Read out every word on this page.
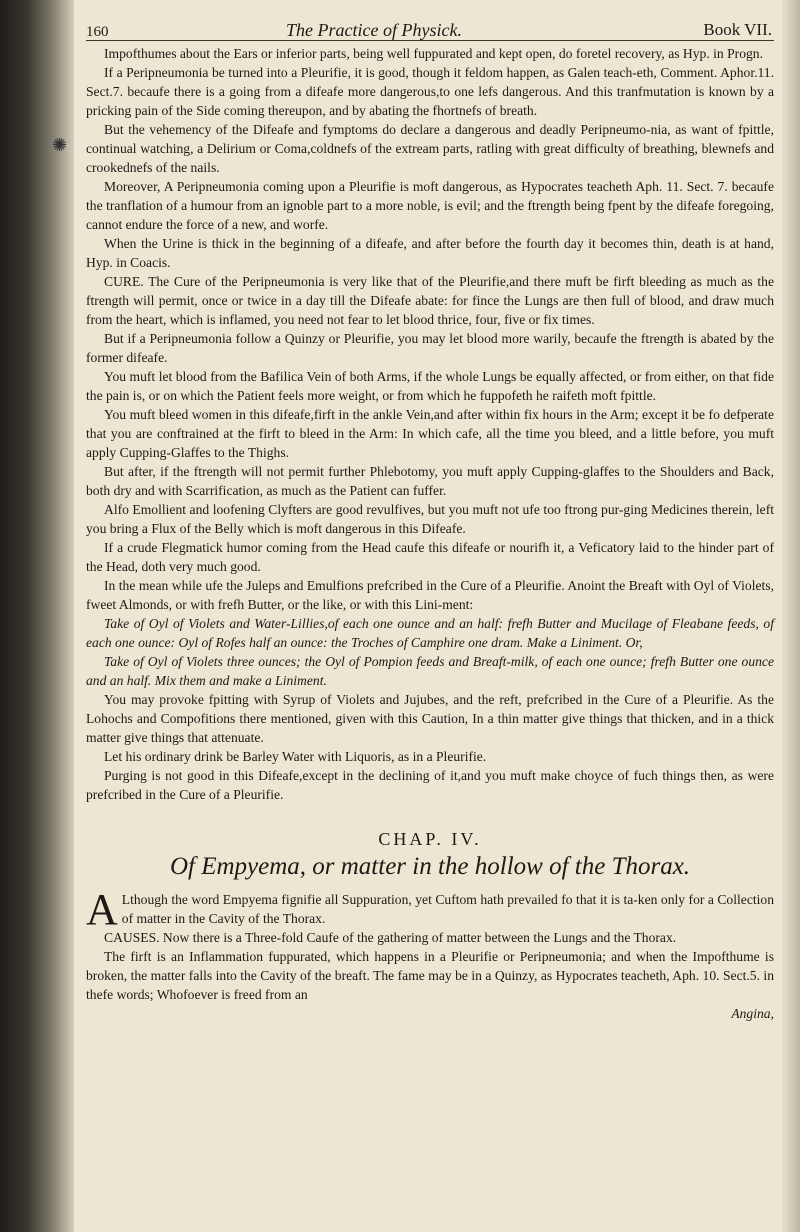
✺
160	The Practice of Physick.	Book VII.

Impofthumes about the Ears or inferior parts, being well fuppurated and kept open, do foretel recovery, as Hyp. in Progn.

If a Peripneumonia be turned into a Pleurifie, it is good, though it feldom happen, as Galen teach-eth, Comment. Aphor.11. Sect.7. becaufe there is a going from a difeafe more dangerous,to one lefs dangerous. And this tranfmutation is known by a pricking pain of the Side coming thereupon, and by abating the fhortnefs of breath.

But the vehemency of the Difeafe and fymptoms do declare a dangerous and deadly Peripneumo-nia, as want of fpittle, continual watching, a Delirium or Coma,coldnefs of the extream parts, ratling with great difficulty of breathing, blewnefs and crookednefs of the nails.

Moreover, A Peripneumonia coming upon a Pleurifie is moft dangerous, as Hypocrates teacheth Aph. 11. Sect. 7. becaufe the tranflation of a humour from an ignoble part to a more noble, is evil; and the ftrength being fpent by the difeafe foregoing, cannot endure the force of a new, and worfe.

When the Urine is thick in the beginning of a difeafe, and after before the fourth day it becomes thin, death is at hand, Hyp. in Coacis.

CURE. The Cure of the Peripneumonia is very like that of the Pleurifie,and there muft be firft bleeding as much as the ftrength will permit, once or twice in a day till the Difeafe abate: for fince the Lungs are then full of blood, and draw much from the heart, which is inflamed, you need not fear to let blood thrice, four, five or fix times.

But if a Peripneumonia follow a Quinzy or Pleurifie, you may let blood more warily, becaufe the ftrength is abated by the former difeafe.

You muft let blood from the Bafilica Vein of both Arms, if the whole Lungs be equally affected, or from either, on that fide the pain is, or on which the Patient feels more weight, or from which he fuppofeth he raifeth moft fpittle.

You muft bleed women in this difeafe,firft in the ankle Vein,and after within fix hours in the Arm; except it be fo defperate that you are conftrained at the firft to bleed in the Arm: In which cafe, all the time you bleed, and a little before, you muft apply Cupping-Glaffes to the Thighs.

But after, if the ftrength will not permit further Phlebotomy, you muft apply Cupping-glaffes to the Shoulders and Back, both dry and with Scarrification, as much as the Patient can fuffer.

Alfo Emollient and loofening Clyfters are good revulfives, but you muft not ufe too ftrong pur-ging Medicines therein, left you bring a Flux of the Belly which is moft dangerous in this Difeafe.

If a crude Flegmatick humor coming from the Head caufe this difeafe or nourifh it, a Veficatory laid to the hinder part of the Head, doth very much good.

In the mean while ufe the Juleps and Emulfions prefcribed in the Cure of a Pleurifie. Anoint the Breaft with Oyl of Violets, fweet Almonds, or with frefh Butter, or the like, or with this Lini-ment:

Take of Oyl of Violets and Water-Lillies,of each one ounce and an half: frefh Butter and Mucilage of Fleabane feeds, of each one ounce: Oyl of Rofes half an ounce: the Troches of Camphire one dram. Make a Liniment. Or,

Take of Oyl of Violets three ounces; the Oyl of Pompion feeds and Breaft-milk, of each one ounce; frefh Butter one ounce and an half. Mix them and make a Liniment.

You may provoke fpitting with Syrup of Violets and Jujubes, and the reft, prefcribed in the Cure of a Pleurifie. As the Lohochs and Compofitions there mentioned, given with this Caution, In a thin matter give things that thicken, and in a thick matter give things that attenuate.

Let his ordinary drink be Barley Water with Liquoris, as in a Pleurifie.

Purging is not good in this Difeafe,except in the declining of it,and you muft make choyce of fuch things then, as were prefcribed in the Cure of a Pleurifie.

CHAP. IV.
Of Empyema, or matter in the hollow of the Thorax.

A Lthough the word Empyema fignifie all Suppuration, yet Cuftom hath prevailed fo that it is ta-ken only for a Collection of matter in the Cavity of the Thorax.

CAUSES. Now there is a Three-fold Caufe of the gathering of matter between the Lungs and the Thorax.

The firft is an Inflammation fuppurated, which happens in a Pleurifie or Peripneumonia; and when the Impofthume is broken, the matter falls into the Cavity of the breaft. The fame may be in a Quinzy, as Hypocrates teacheth, Aph. 10. Sect.5. in thefe words; Whofoever is freed from an

Angina,
